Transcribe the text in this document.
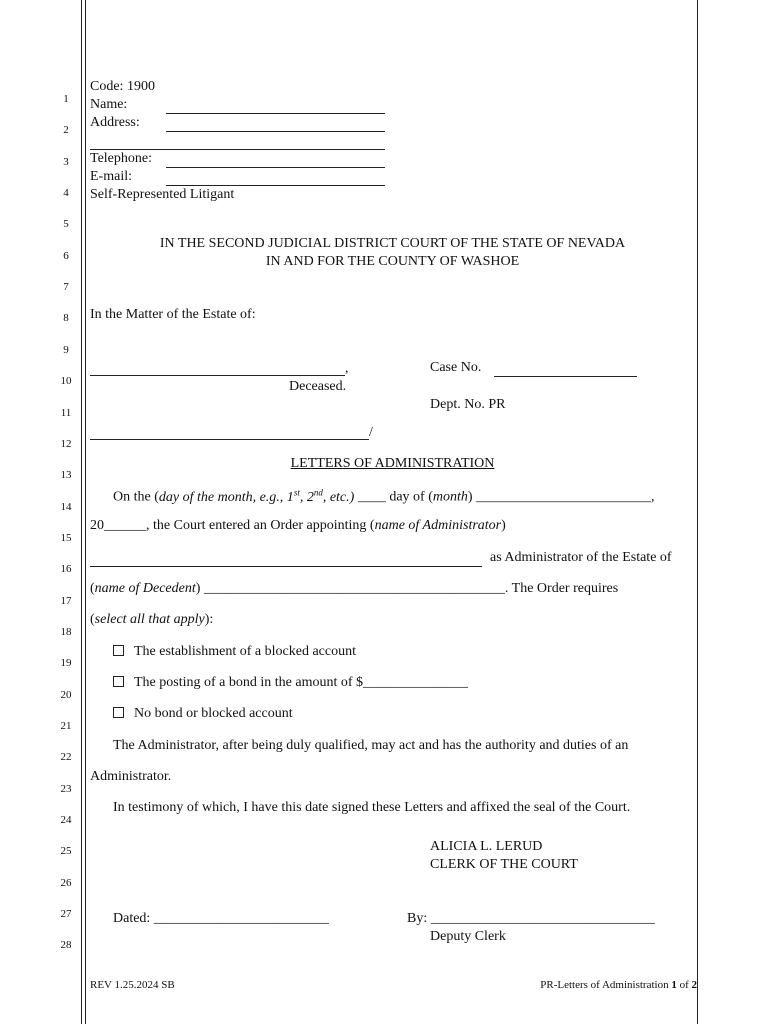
1
2
3
4
5
6
7
8
9
10
11
12
13
14
15
16
17
18
19
20
21
22
23
24
25
26
27
28
Code: 1900
Name:
Address:
Telephone:
E-mail:
Self-Represented Litigant
IN THE SECOND JUDICIAL DISTRICT COURT OF THE STATE OF NEVADA
IN AND FOR THE COUNTY OF WASHOE
In the Matter of the Estate of:
,
Deceased.
Case No.
Dept. No. PR
/
LETTERS OF ADMINISTRATION
On the (day of the month, e.g., 1st, 2nd, etc.) ____ day of (month) _________________________,
20______, the Court entered an Order appointing (name of Administrator)
as Administrator of the Estate of
(name of Decedent) ___________________________________________. The Order requires
(select all that apply):
The establishment of a blocked account
The posting of a bond in the amount of $_______________
No bond or blocked account
The Administrator, after being duly qualified, may act and has the authority and duties of an
Administrator.
In testimony of which, I have this date signed these Letters and affixed the seal of the Court.
ALICIA L. LERUD
CLERK OF THE COURT
Dated: _________________________	By: ________________________________
Deputy Clerk
REV 1.25.2024 SB	PR-Letters of Administration 1 of 2
